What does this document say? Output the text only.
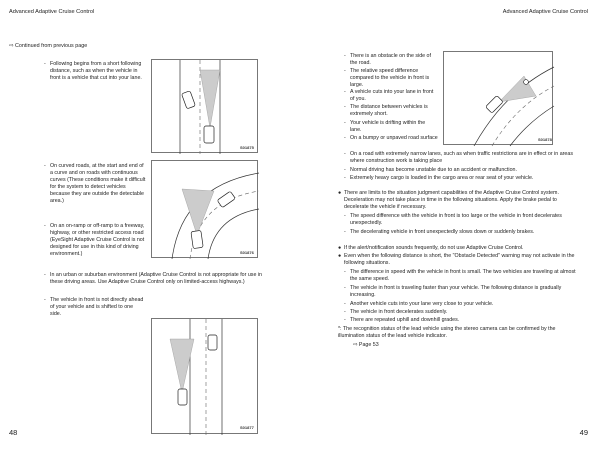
Advanced Adaptive Cruise Control
⇨ Continued from previous page
- Following begins from a short following distance, such as when the vehicle in front is a vehicle that cut into your lane.
- On curved roads, at the start and end of a curve and on roads with continuous curves (These conditions make it difficult for the system to detect vehicles because they are outside the detectable area.)
- On an on-ramp or off-ramp to a freeway, highway, or other restricted access road (EyeSight Adaptive Cruise Control is not designed for use in this kind of driving environment.)
- In an urban or suburban environment (Adaptive Cruise Control is not appropriate for use in these driving areas. Use Adaptive Cruise Control only on limited-access highways.)
- The vehicle in front is not directly ahead of your vehicle and is shifted to one side.
S01875
S01876
S01877
48
Advanced Adaptive Cruise Control
- There is an obstacle on the side of the road.
- The relative speed difference compared to the vehicle in front is large.
- A vehicle cuts into your lane in front of you.
- The distance between vehicles is extremely short.
- Your vehicle is drifting within the lane.
- On a bumpy or unpaved road surface	S01878
- On a road with extremely narrow lanes, such as when traffic restrictions are in effect or in areas where construction work is taking place
- Normal driving has become unstable due to an accident or malfunction.
- Extremely heavy cargo is loaded in the cargo area or rear seat of your vehicle.
● There are limits to the situation judgment capabilities of the Adaptive Cruise Control system. Deceleration may not take place in time in the following situations. Apply the brake pedal to decelerate the vehicle if necessary.
- The speed difference with the vehicle in front is too large or the vehicle in front decelerates unexpectedly.
- The decelerating vehicle in front unexpectedly slows down or suddenly brakes.
● If the alert/notification sounds frequently, do not use Adaptive Cruise Control.
● Even when the following distance is short, the "Obstacle Detected" warning may not activate in the following situations.
- The difference in speed with the vehicle in front is small. The two vehicles are traveling at almost the same speed.
- The vehicle in front is traveling faster than your vehicle. The following distance is gradually increasing.
- Another vehicle cuts into your lane very close to your vehicle.
- The vehicle in front decelerates suddenly.
- There are repeated uphill and downhill grades.
*: The recognition status of the lead vehicle using the stereo camera can be confirmed by the illumination status of the lead vehicle indicator.
⇨ Page 53
49
